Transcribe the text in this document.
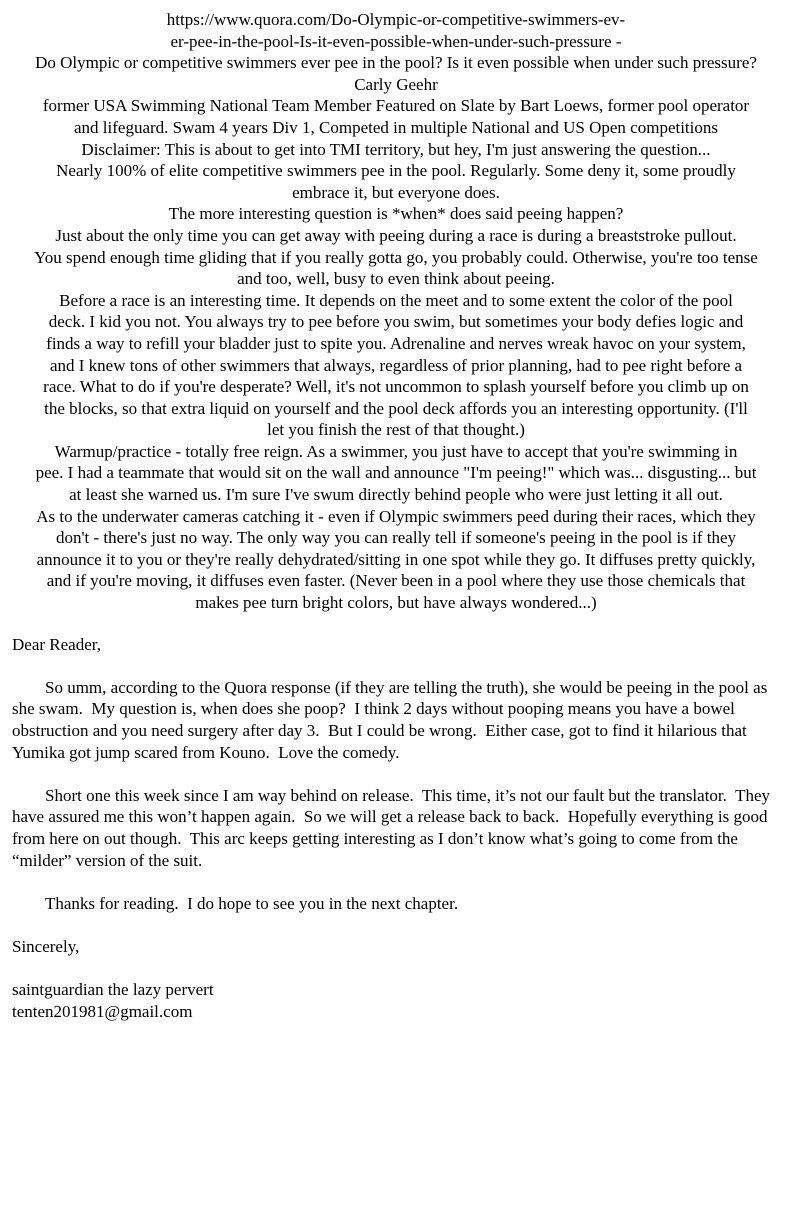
https://www.quora.com/Do-Olympic-or-competitive-swimmers-ev-
er-pee-in-the-pool-Is-it-even-possible-when-under-such-pressure -
Do Olympic or competitive swimmers ever pee in the pool? Is it even possible when under such pressure?
Carly Geehr
former USA Swimming National Team Member Featured on Slate by Bart Loews, former pool operator
and lifeguard. Swam 4 years Div 1, Competed in multiple National and US Open competitions
Disclaimer: This is about to get into TMI territory, but hey, I'm just answering the question...
Nearly 100% of elite competitive swimmers pee in the pool. Regularly. Some deny it, some proudly
embrace it, but everyone does.
The more interesting question is *when* does said peeing happen?
Just about the only time you can get away with peeing during a race is during a breaststroke pullout.
You spend enough time gliding that if you really gotta go, you probably could. Otherwise, you're too tense
and too, well, busy to even think about peeing.
Before a race is an interesting time. It depends on the meet and to some extent the color of the pool
deck. I kid you not. You always try to pee before you swim, but sometimes your body defies logic and
finds a way to refill your bladder just to spite you. Adrenaline and nerves wreak havoc on your system,
and I knew tons of other swimmers that always, regardless of prior planning, had to pee right before a
race. What to do if you're desperate? Well, it's not uncommon to splash yourself before you climb up on
the blocks, so that extra liquid on yourself and the pool deck affords you an interesting opportunity. (I'll
let you finish the rest of that thought.)
Warmup/practice - totally free reign. As a swimmer, you just have to accept that you're swimming in
pee. I had a teammate that would sit on the wall and announce "I'm peeing!" which was... disgusting... but
at least she warned us. I'm sure I've swum directly behind people who were just letting it all out.
As to the underwater cameras catching it - even if Olympic swimmers peed during their races, which they
don't - there's just no way. The only way you can really tell if someone's peeing in the pool is if they
announce it to you or they're really dehydrated/sitting in one spot while they go. It diffuses pretty quickly,
and if you're moving, it diffuses even faster. (Never been in a pool where they use those chemicals that
makes pee turn bright colors, but have always wondered...)
Dear Reader,

So umm, according to the Quora response (if they are telling the truth), she would be peeing in the pool as she swam.  My question is, when does she poop?  I think 2 days without pooping means you have a bowel obstruction and you need surgery after day 3.  But I could be wrong.  Either case, got to find it hilarious that Yumika got jump scared from Kouno.  Love the comedy.

Short one this week since I am way behind on release.  This time, it’s not our fault but the translator.  They have assured me this won’t happen again.  So we will get a release back to back.  Hopefully everything is good from here on out though.  This arc keeps getting interesting as I don’t know what’s going to come from the “milder” version of the suit.

Thanks for reading.  I do hope to see you in the next chapter.

Sincerely,
saintguardian the lazy pervert
tenten201981@gmail.com
